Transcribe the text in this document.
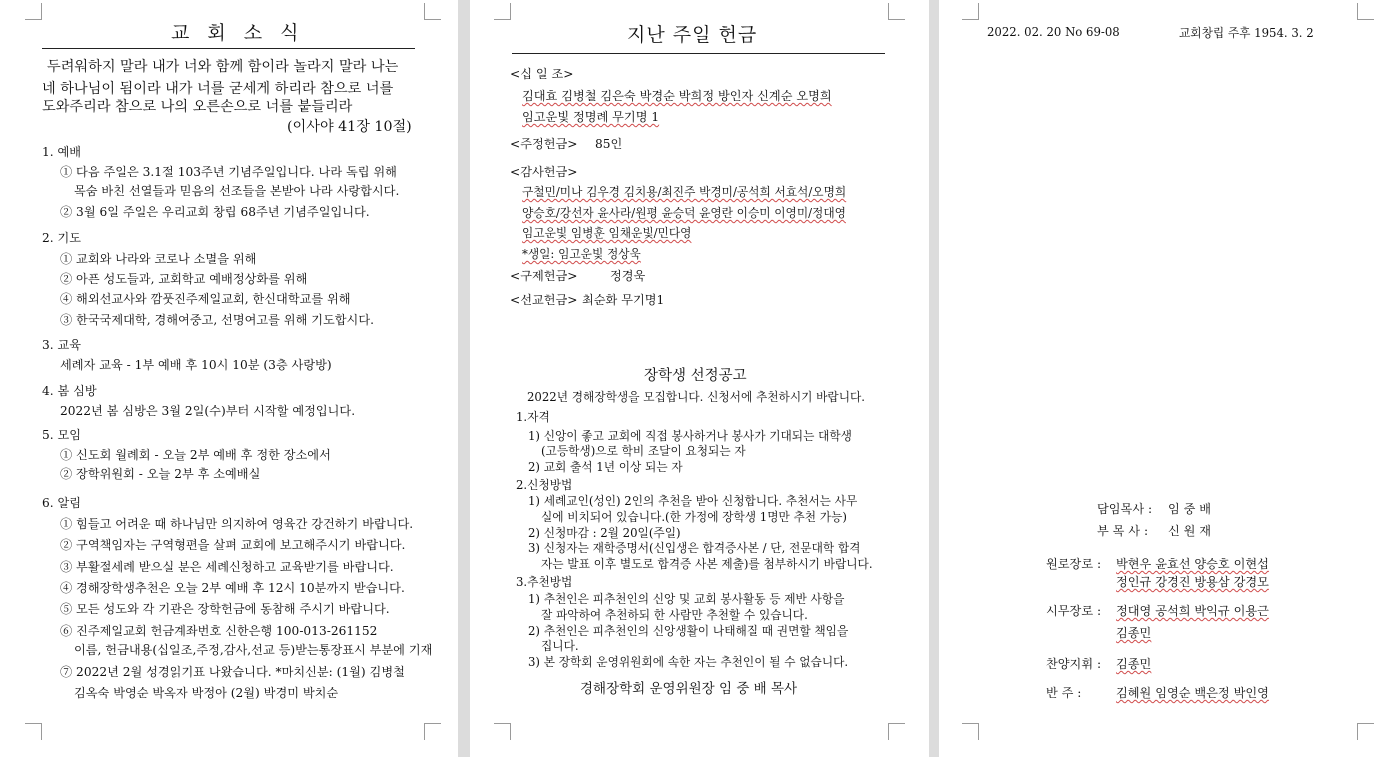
교 회 소 식
두려워하지 말라 내가 너와 함께 함이라 놀라지 말라 나는
네 하나님이 됨이라 내가 너를 굳세게 하리라 참으로 너를
도와주리라 참으로 나의 오른손으로 너를 붙들리라
(이사야 41장 10절)
1. 예배
① 다음 주일은 3.1절 103주년 기념주일입니다. 나라 독립 위해
목숨 바친 선열들과 믿음의 선조들을 본받아 나라 사랑합시다.
② 3월 6일 주일은 우리교회 창립 68주년 기념주일입니다.
2. 기도
① 교회와 나라와 코로나 소멸을 위해
② 아픈 성도들과, 교회학교 예배정상화를 위해
④ 해외선교사와 깜풋진주제일교회, 한신대학교를 위해
③ 한국국제대학, 경해여중고, 선명여고를 위해 기도합시다.
3. 교육
세례자 교육 - 1부 예배 후 10시 10분 (3층 사랑방)
4. 봄 심방
2022년 봄 심방은 3월 2일(수)부터 시작할 예정입니다.
5. 모임
① 신도회 월례회 - 오늘 2부 예배 후 정한 장소에서
② 장학위원회 - 오늘 2부 후 소예배실
6. 알림
① 힘들고 어려운 때 하나님만 의지하여 영육간 강건하기 바랍니다.
② 구역책임자는 구역형편을 살펴 교회에 보고해주시기 바랍니다.
③ 부활절세례 받으실 분은 세례신청하고 교육받기를 바랍니다.
④ 경해장학생추천은 오늘 2부 예배 후 12시 10분까지 받습니다.
⑤ 모든 성도와 각 기관은 장학헌금에 동참해 주시기 바랍니다.
⑥ 진주제일교회 헌금계좌번호 신한은행 100-013-261152
이름, 헌금내용(십일조,주정,감사,선교 등)받는통장표시 부분에 기재
⑦ 2022년 2월 성경읽기표 나왔습니다. *마치신분: (1월) 김병철
김옥숙 박영순 박옥자 박정아 (2월) 박경미 박치순
지난 주일 헌금
<십 일 조>
김대효 김병철 김은숙 박경순 박희정 방인자 신계순 오명희
임고운빛 정명례 무기명 1
<주정헌금> 85인
<감사헌금>
구철민/미나 김우경 김치용/최진주 박경미/공석희 서효석/오명희
양승호/강선자 윤사라/원평 윤승덕 윤영란 이승미 이영미/정대영
임고운빛 임병훈 임채운빛/민다영
*생일: 임고운빛 정상욱
<구제헌금>	정경욱
<선교헌금> 최순화 무기명1
장학생 선정공고
2022년 경해장학생을 모집합니다. 신청서에 추천하시기 바랍니다.
1.자격
1) 신앙이 좋고 교회에 직접 봉사하거나 봉사가 기대되는 대학생
(고등학생)으로 학비 조달이 요청되는 자
2) 교회 출석 1년 이상 되는 자
2.신청방법
1) 세례교인(성인) 2인의 추천을 받아 신청합니다. 추천서는 사무
실에 비치되어 있습니다.(한 가정에 장학생 1명만 추천 가능)
2) 신청마감 : 2월 20일(주일)
3) 신청자는 재학증명서(신입생은 합격증사본 / 단, 전문대학 합격
자는 발표 이후 별도로 합격증 사본 제출)를 첨부하시기 바랍니다.
3.추천방법
1) 추천인은 피추천인의 신앙 및 교회 봉사활동 등 제반 사항을
잘 파악하여 추천하되 한 사람만 추천할 수 있습니다.
2) 추천인은 피추천인의 신앙생활이 나태해질 때 권면할 책임을
집니다.
3) 본 장학회 운영위원회에 속한 자는 추천인이 될 수 없습니다.
경해장학회 운영위원장 임 중 배 목사
2022. 02. 20 No 69-08	교회창립 주후 1954. 3. 2
담임목사 : 임 중 배
부 목 사 : 신 원 재
원로장로 : 박현우 윤효선 양승호 이현섭
정인규 강경진 방용삼 강경모
시무장로 : 정대영 공석희 박익규 이용근
김종민
찬양지휘 : 김종민
반 주 :	김혜원 임영순 백은정 박인영
